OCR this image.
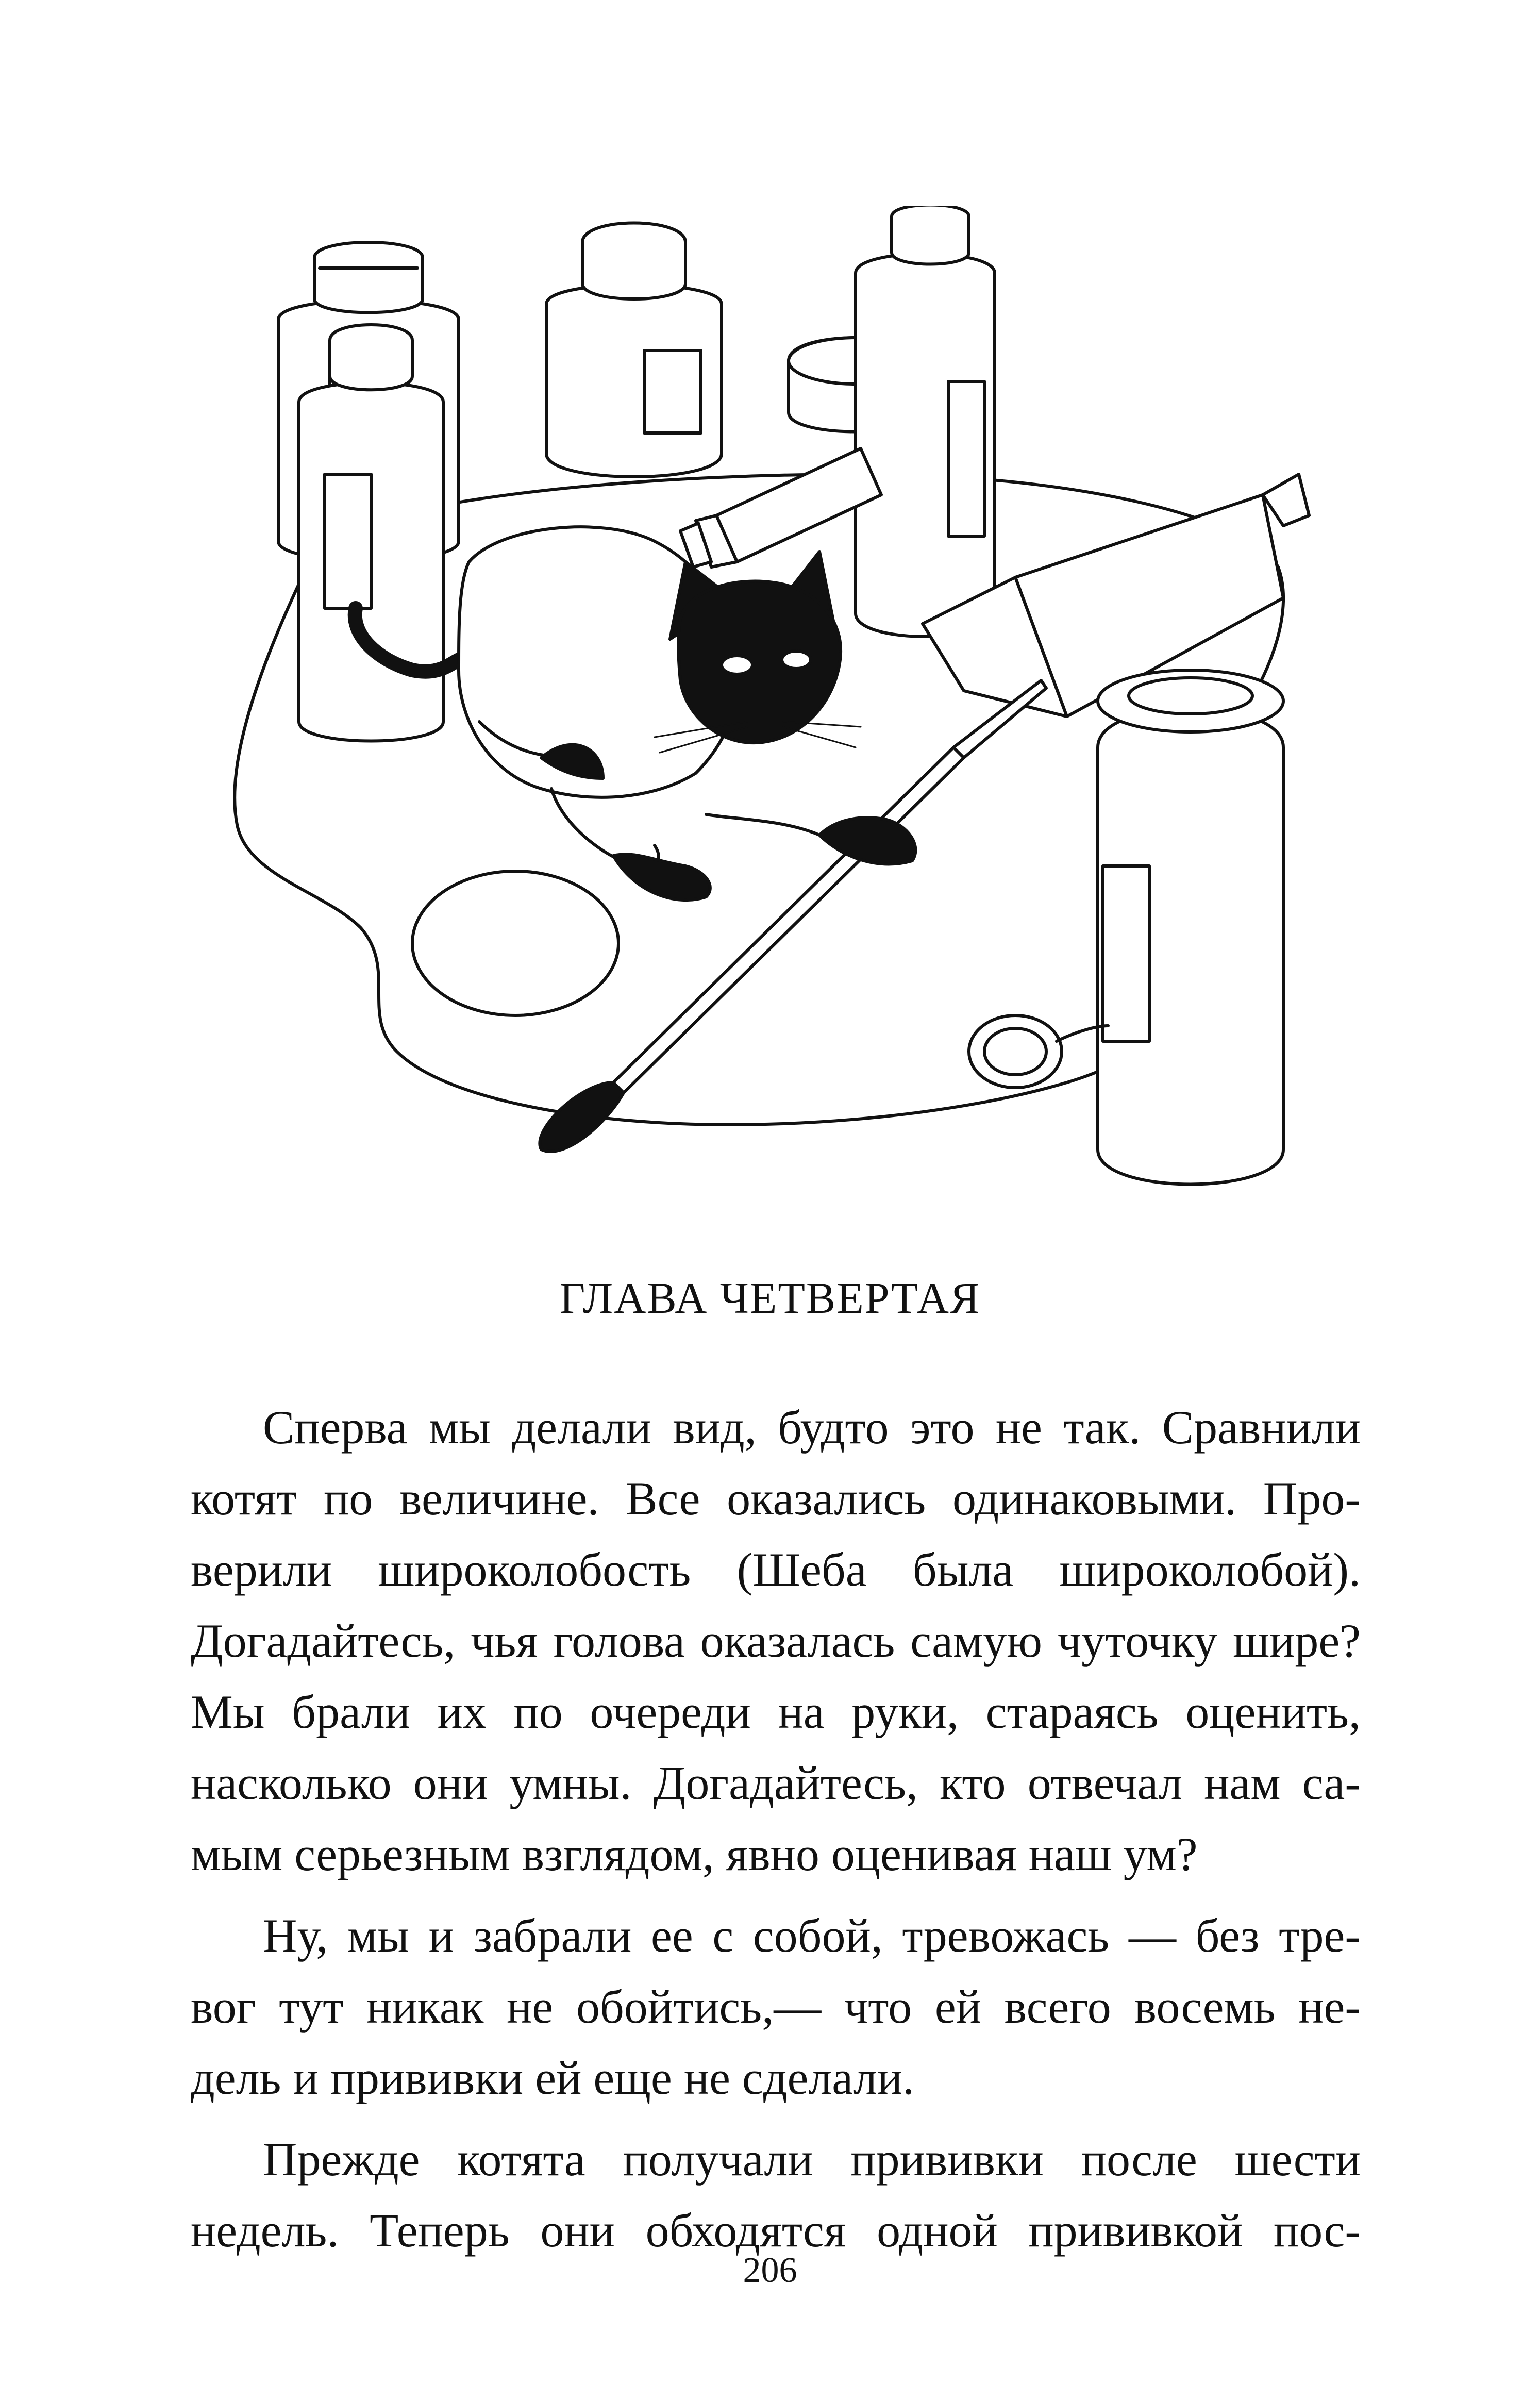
ГЛАВА ЧЕТВЕРТАЯ
Сперва мы делали вид, будто это не так. Сравнили
котят по величине. Все оказались одинаковыми. Про-
верили широколобость (Шеба была широколобой).
Догадайтесь, чья голова оказалась самую чуточку шире?
Мы брали их по очереди на руки, стараясь оценить,
насколько они умны. Догадайтесь, кто отвечал нам са-
мым серьезным взглядом, явно оценивая наш ум?
Ну, мы и забрали ее с собой, тревожась — без тре-
вог тут никак не обойтись,— что ей всего восемь не-
дель и прививки ей еще не сделали.
Прежде котята получали прививки после шести
недель. Теперь они обходятся одной прививкой пос-
206
